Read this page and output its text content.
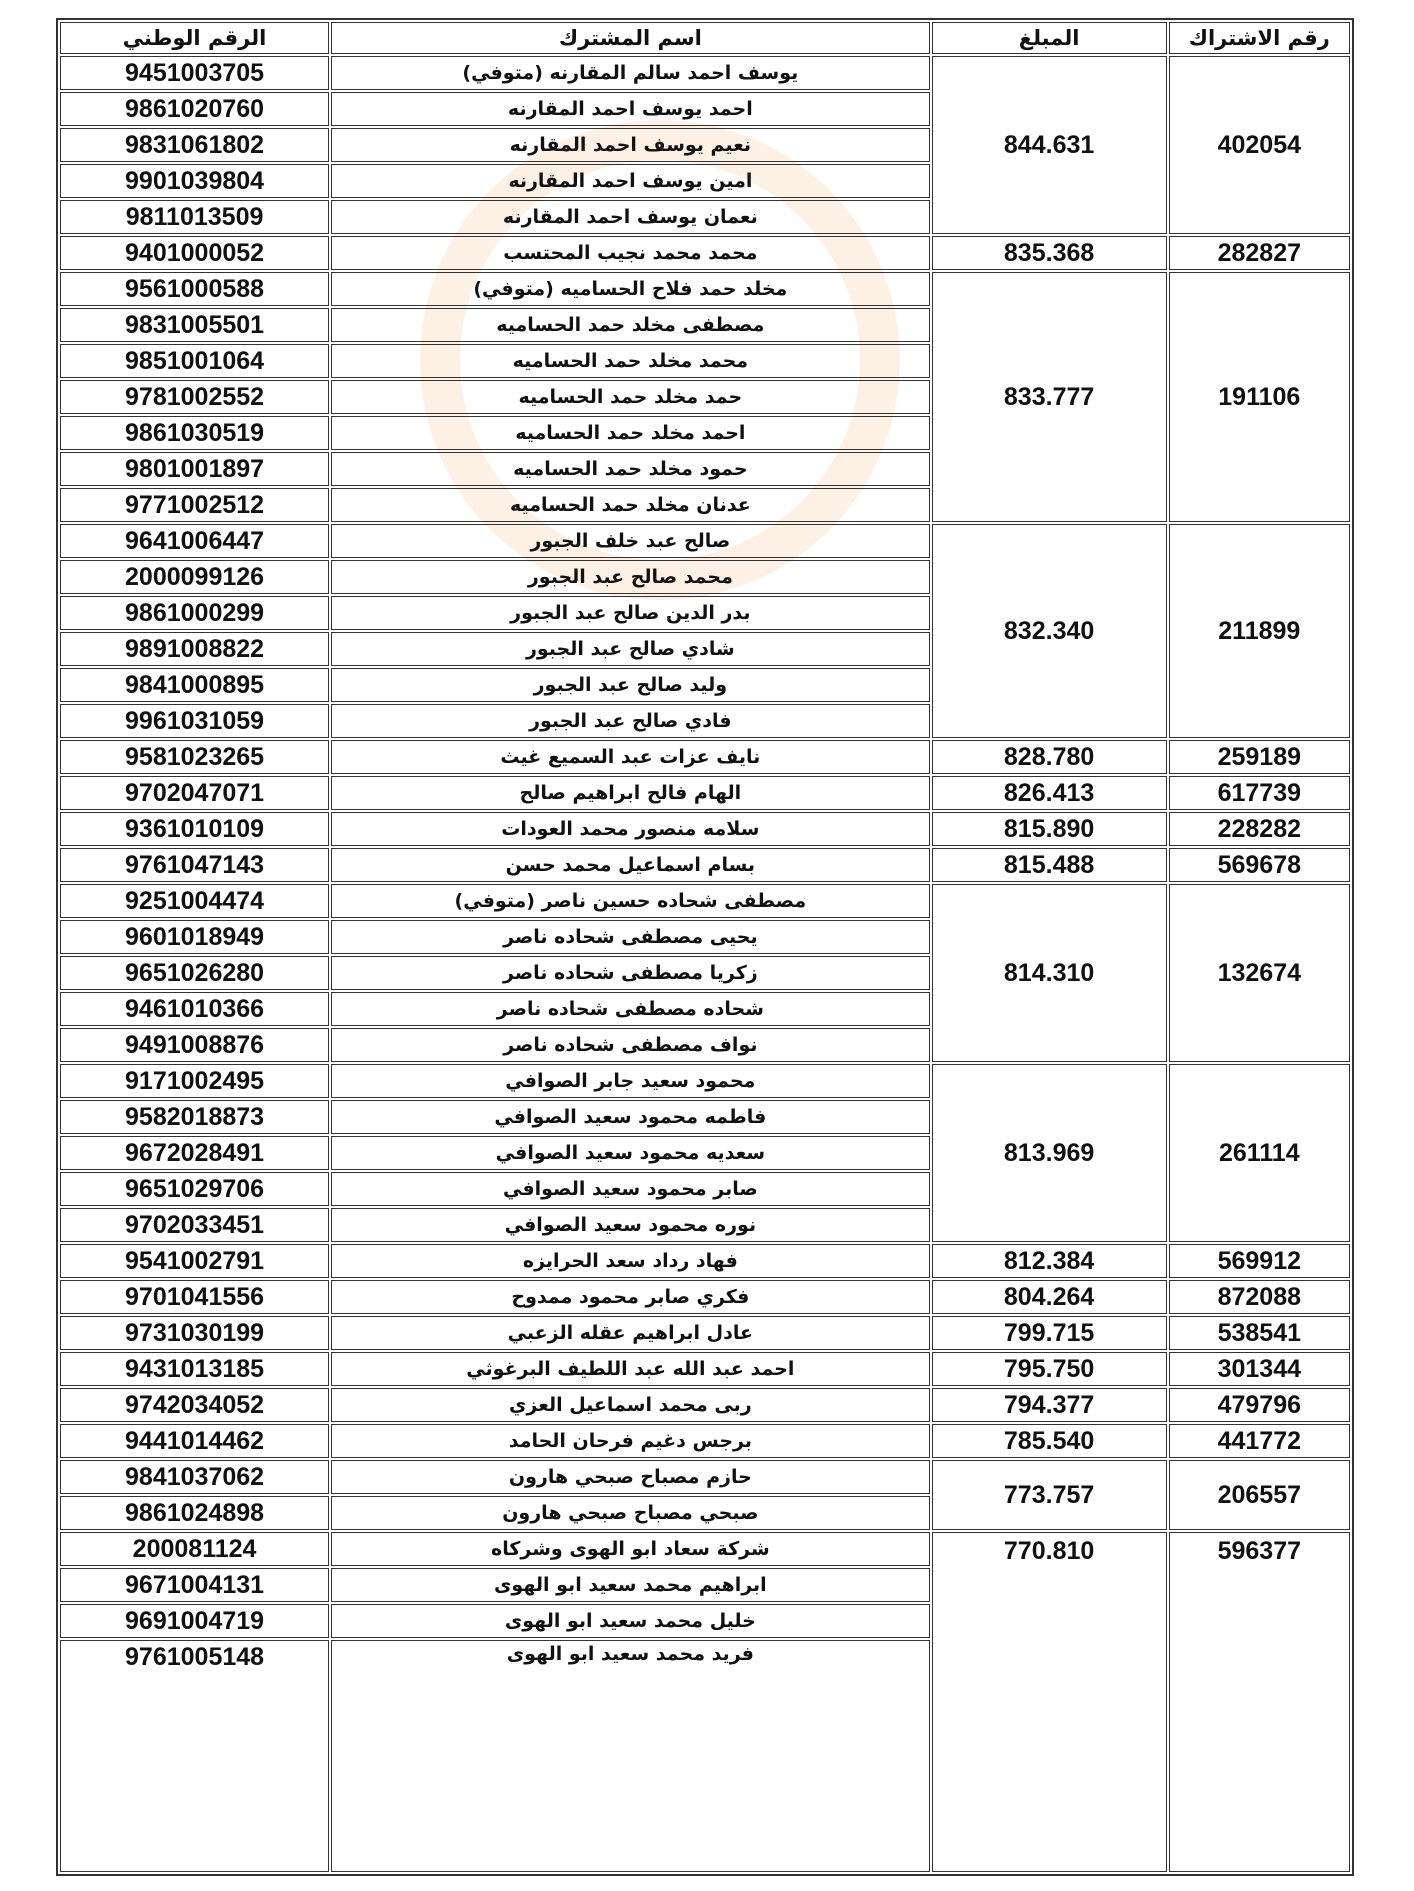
الرقم الوطني	اسم المشترك	المبلغ	رقم الاشتراك
9451003705	يوسف احمد سالم المقارنه (متوفي)	844.631	402054
9861020760	احمد يوسف احمد المقارنه		
9831061802	نعيم يوسف احمد المقارنه		
9901039804	امين يوسف احمد المقارنه		
9811013509	نعمان يوسف احمد المقارنه		
9401000052	محمد محمد نجيب المحتسب	835.368	282827
9561000588	مخلد حمد فلاح الحساميه (متوفي)	833.777	191106
9831005501	مصطفى مخلد حمد الحساميه		
9851001064	محمد مخلد حمد الحساميه		
9781002552	حمد مخلد حمد الحساميه		
9861030519	احمد مخلد حمد الحساميه		
9801001897	حمود مخلد حمد الحساميه		
9771002512	عدنان مخلد حمد الحساميه		
9641006447	صالح عبد خلف الجبور	832.340	211899
2000099126	محمد صالح عبد الجبور		
9861000299	بدر الدين صالح عبد الجبور		
9891008822	شادي صالح عبد الجبور		
9841000895	وليد صالح عبد الجبور		
9961031059	فادي صالح عبد الجبور		
9581023265	نايف عزات عبد السميع غيث	828.780	259189
9702047071	الهام فالح ابراهيم صالح	826.413	617739
9361010109	سلامه منصور محمد العودات	815.890	228282
9761047143	بسام اسماعيل محمد حسن	815.488	569678
9251004474	مصطفى شحاده حسين ناصر (متوفي)	814.310	132674
9601018949	يحيى مصطفى شحاده ناصر		
9651026280	زكريا مصطفى شحاده ناصر		
9461010366	شحاده مصطفى شحاده ناصر		
9491008876	نواف مصطفى شحاده ناصر		
9171002495	محمود سعيد جابر الصوافي	813.969	261114
9582018873	فاطمه محمود سعيد الصوافي		
9672028491	سعديه محمود سعيد الصوافي		
9651029706	صابر محمود سعيد الصوافي		
9702033451	نوره محمود سعيد الصوافي		
9541002791	فهاد رداد سعد الحرايزه	812.384	569912
9701041556	فكري صابر محمود ممدوح	804.264	872088
9731030199	عادل ابراهيم عقله الزعبي	799.715	538541
9431013185	احمد عبد الله عبد اللطيف البرغوثي	795.750	301344
9742034052	ربى محمد اسماعيل العزي	794.377	479796
9441014462	برجس دغيم فرحان الحامد	785.540	441772
9841037062	حازم مصباح صبحي هارون	773.757	206557
9861024898	صبحي مصباح صبحي هارون		
200081124	شركة سعاد ابو الهوى وشركاه	770.810	596377
9671004131	ابراهيم محمد سعيد ابو الهوى		
9691004719	خليل محمد سعيد ابو الهوى		
9761005148	فريد محمد سعيد ابو الهوى		
